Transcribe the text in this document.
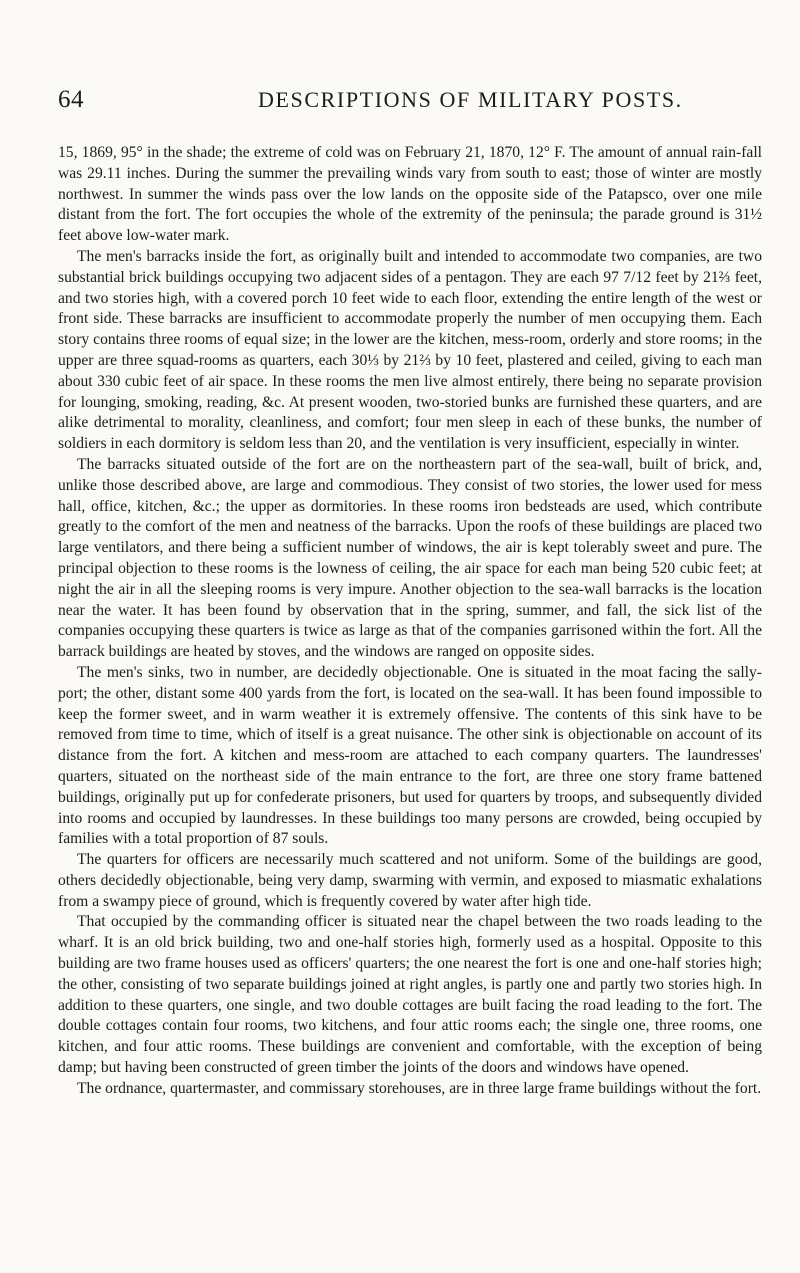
64	DESCRIPTIONS OF MILITARY POSTS.

15, 1869, 95° in the shade; the extreme of cold was on February 21, 1870, 12° F. The amount of annual rain-fall was 29.11 inches. During the summer the prevailing winds vary from south to east; those of winter are mostly northwest. In summer the winds pass over the low lands on the opposite side of the Patapsco, over one mile distant from the fort. The fort occupies the whole of the extremity of the peninsula; the parade ground is 31½ feet above low-water mark.

The men's barracks inside the fort, as originally built and intended to accommodate two companies, are two substantial brick buildings occupying two adjacent sides of a pentagon. They are each 97 7/12 feet by 21⅔ feet, and two stories high, with a covered porch 10 feet wide to each floor, extending the entire length of the west or front side. These barracks are insufficient to accommodate properly the number of men occupying them. Each story contains three rooms of equal size; in the lower are the kitchen, mess-room, orderly and store rooms; in the upper are three squad-rooms as quarters, each 30⅓ by 21⅔ by 10 feet, plastered and ceiled, giving to each man about 330 cubic feet of air space. In these rooms the men live almost entirely, there being no separate provision for lounging, smoking, reading, &c. At present wooden, two-storied bunks are furnished these quarters, and are alike detrimental to morality, cleanliness, and comfort; four men sleep in each of these bunks, the number of soldiers in each dormitory is seldom less than 20, and the ventilation is very insufficient, especially in winter.

The barracks situated outside of the fort are on the northeastern part of the sea-wall, built of brick, and, unlike those described above, are large and commodious. They consist of two stories, the lower used for mess hall, office, kitchen, &c.; the upper as dormitories. In these rooms iron bedsteads are used, which contribute greatly to the comfort of the men and neatness of the barracks. Upon the roofs of these buildings are placed two large ventilators, and there being a sufficient number of windows, the air is kept tolerably sweet and pure. The principal objection to these rooms is the lowness of ceiling, the air space for each man being 520 cubic feet; at night the air in all the sleeping rooms is very impure. Another objection to the sea-wall barracks is the location near the water. It has been found by observation that in the spring, summer, and fall, the sick list of the companies occupying these quarters is twice as large as that of the companies garrisoned within the fort. All the barrack buildings are heated by stoves, and the windows are ranged on opposite sides.

The men's sinks, two in number, are decidedly objectionable. One is situated in the moat facing the sally-port; the other, distant some 400 yards from the fort, is located on the sea-wall. It has been found impossible to keep the former sweet, and in warm weather it is extremely offensive. The contents of this sink have to be removed from time to time, which of itself is a great nuisance. The other sink is objectionable on account of its distance from the fort. A kitchen and mess-room are attached to each company quarters. The laundresses' quarters, situated on the northeast side of the main entrance to the fort, are three one story frame battened buildings, originally put up for confederate prisoners, but used for quarters by troops, and subsequently divided into rooms and occupied by laundresses. In these buildings too many persons are crowded, being occupied by families with a total proportion of 87 souls.

The quarters for officers are necessarily much scattered and not uniform. Some of the buildings are good, others decidedly objectionable, being very damp, swarming with vermin, and exposed to miasmatic exhalations from a swampy piece of ground, which is frequently covered by water after high tide.

That occupied by the commanding officer is situated near the chapel between the two roads leading to the wharf. It is an old brick building, two and one-half stories high, formerly used as a hospital. Opposite to this building are two frame houses used as officers' quarters; the one nearest the fort is one and one-half stories high; the other, consisting of two separate buildings joined at right angles, is partly one and partly two stories high. In addition to these quarters, one single, and two double cottages are built facing the road leading to the fort. The double cottages contain four rooms, two kitchens, and four attic rooms each; the single one, three rooms, one kitchen, and four attic rooms. These buildings are convenient and comfortable, with the exception of being damp; but having been constructed of green timber the joints of the doors and windows have opened.

The ordnance, quartermaster, and commissary storehouses, are in three large frame buildings without the fort.
